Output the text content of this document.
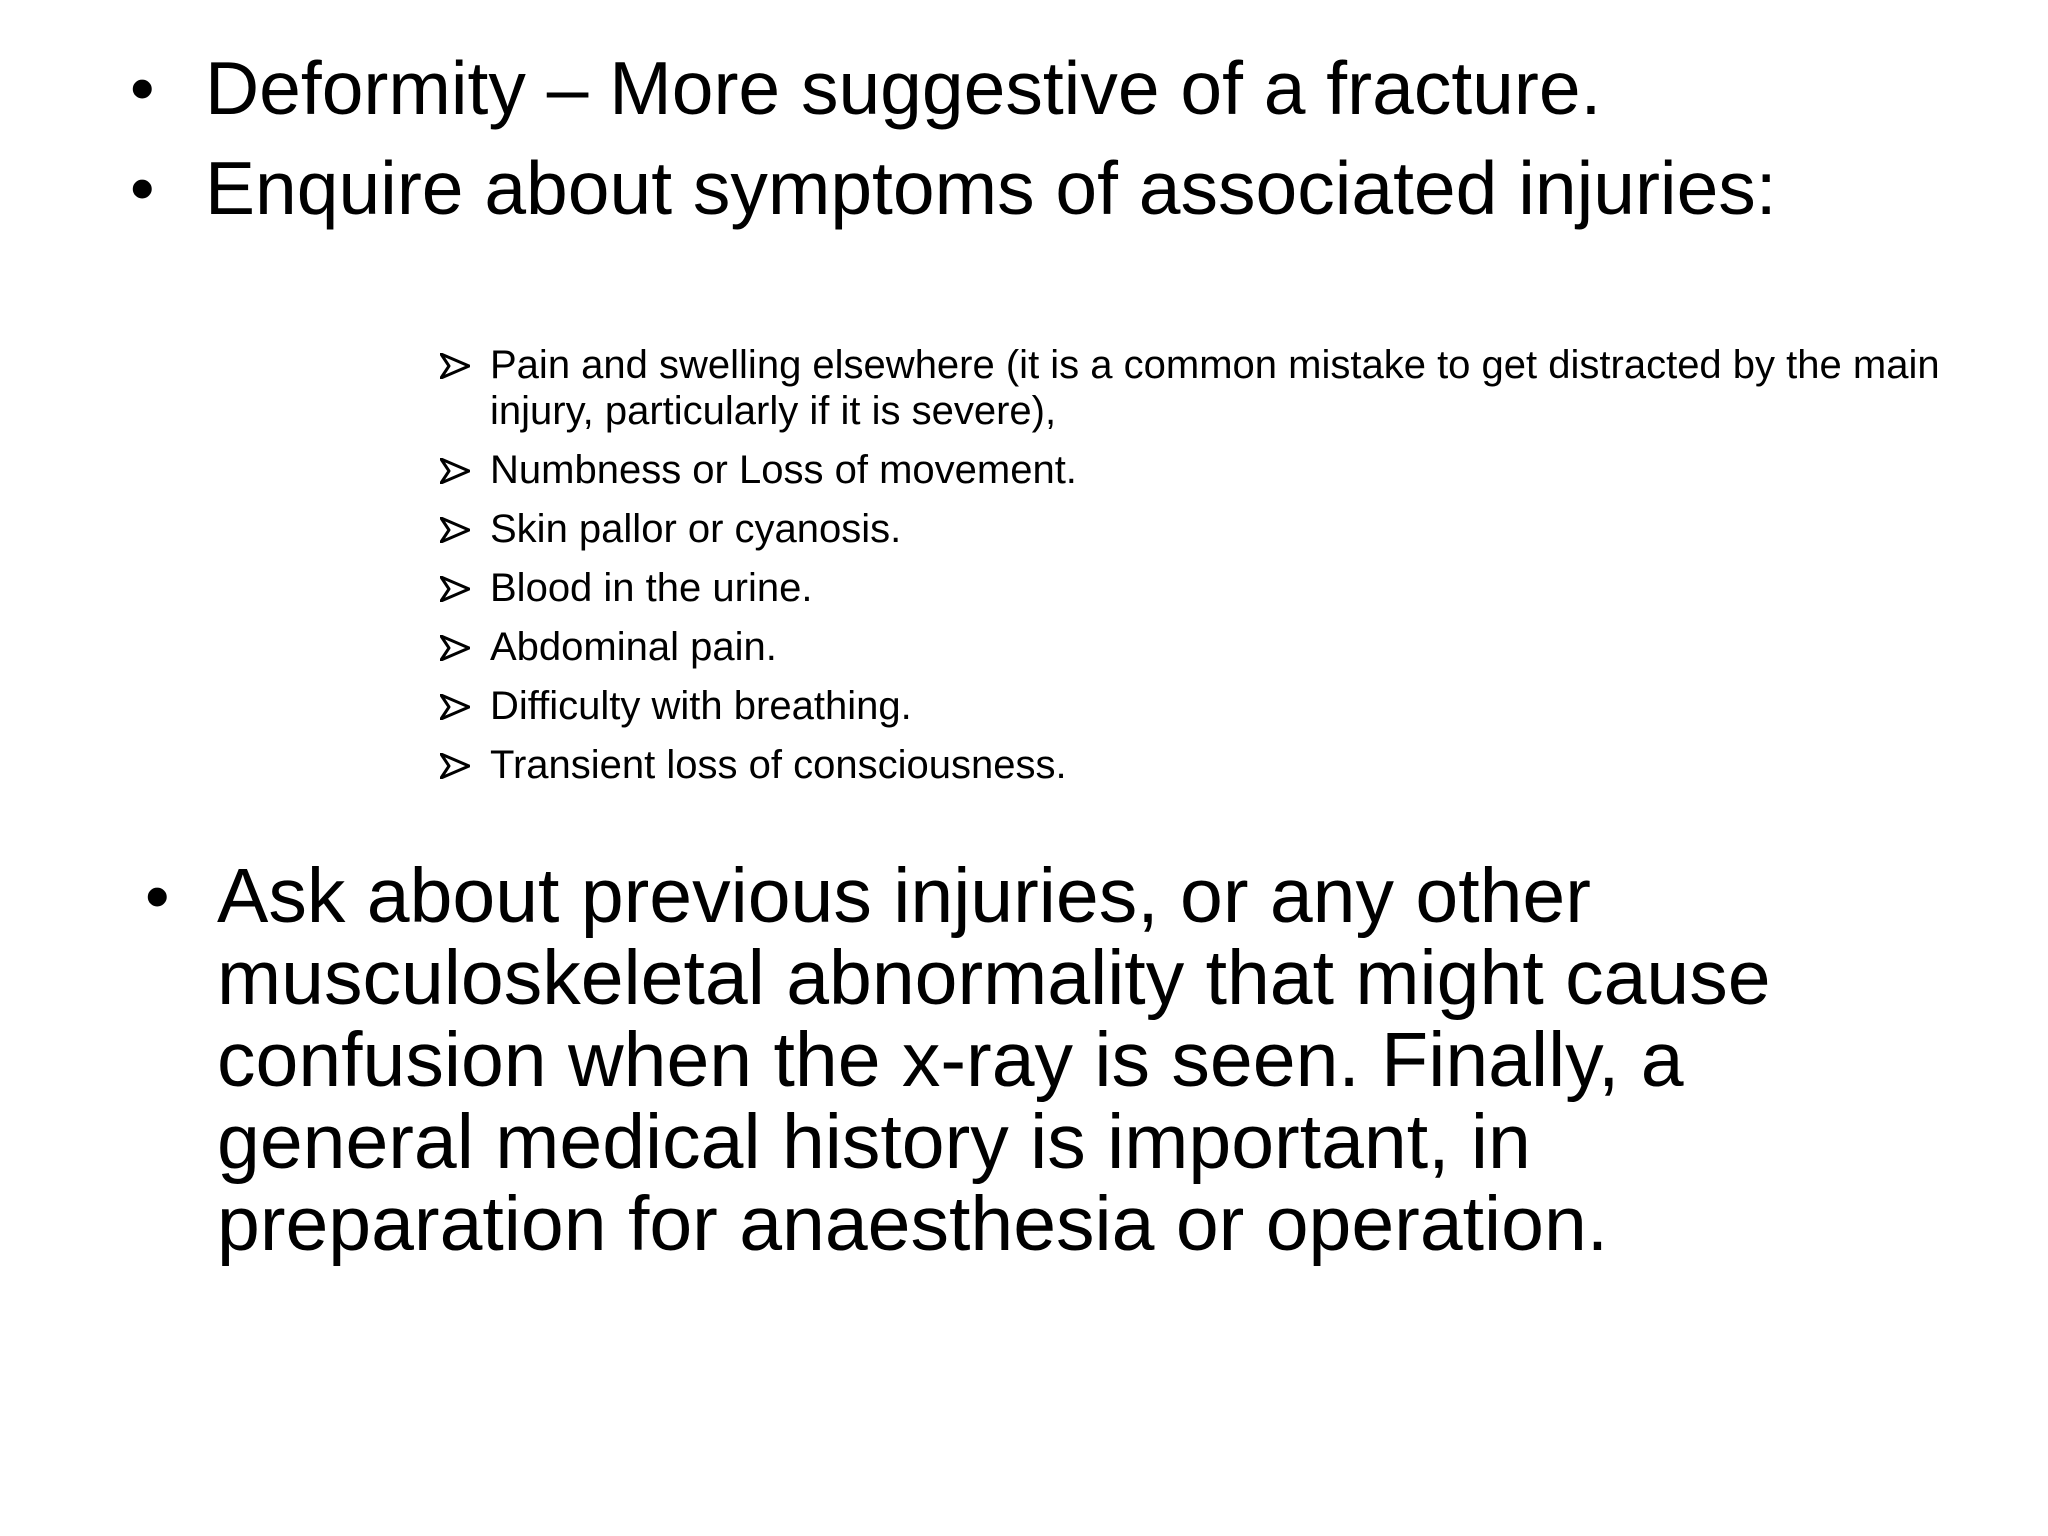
• Deformity – More suggestive of a fracture.
• Enquire about symptoms of associated injuries:
Pain and swelling elsewhere (it is a common mistake to get distracted by the main injury, particularly if it is severe),
Numbness or Loss of movement.
Skin pallor or cyanosis.
Blood in the urine.
Abdominal pain.
Difficulty with breathing.
Transient loss of consciousness.
• Ask about previous injuries, or any other musculoskeletal abnormality that might cause confusion when the x-ray is seen. Finally, a general medical history is important, in preparation for anaesthesia or operation.
